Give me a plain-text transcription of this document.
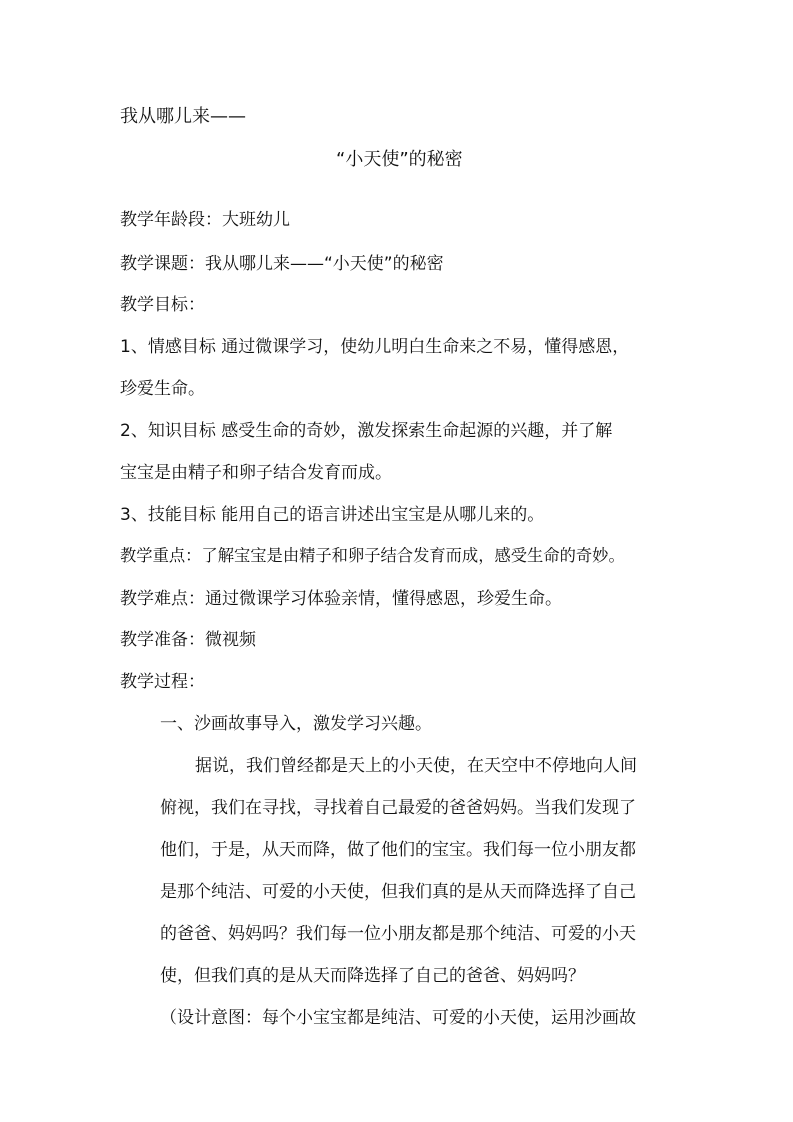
我从哪儿来——
“小天使”的秘密
教学年龄段：大班幼儿
教学课题：我从哪儿来——“小天使”的秘密
教学目标：
1、情感目标 通过微课学习，使幼儿明白生命来之不易，懂得感恩，
珍爱生命。
2、知识目标 感受生命的奇妙，激发探索生命起源的兴趣，并了解
宝宝是由精子和卵子结合发育而成。
3、技能目标 能用自己的语言讲述出宝宝是从哪儿来的。
教学重点：了解宝宝是由精子和卵子结合发育而成，感受生命的奇妙。
教学难点：通过微课学习体验亲情，懂得感恩，珍爱生命。
教学准备：微视频
教学过程：
一、沙画故事导入，激发学习兴趣。
据说，我们曾经都是天上的小天使，在天空中不停地向人间
俯视，我们在寻找，寻找着自己最爱的爸爸妈妈。当我们发现了
他们，于是，从天而降，做了他们的宝宝。我们每一位小朋友都
是那个纯洁、可爱的小天使，但我们真的是从天而降选择了自己
的爸爸、妈妈吗？我们每一位小朋友都是那个纯洁、可爱的小天
使，但我们真的是从天而降选择了自己的爸爸、妈妈吗？
（设计意图：每个小宝宝都是纯洁、可爱的小天使，运用沙画故
